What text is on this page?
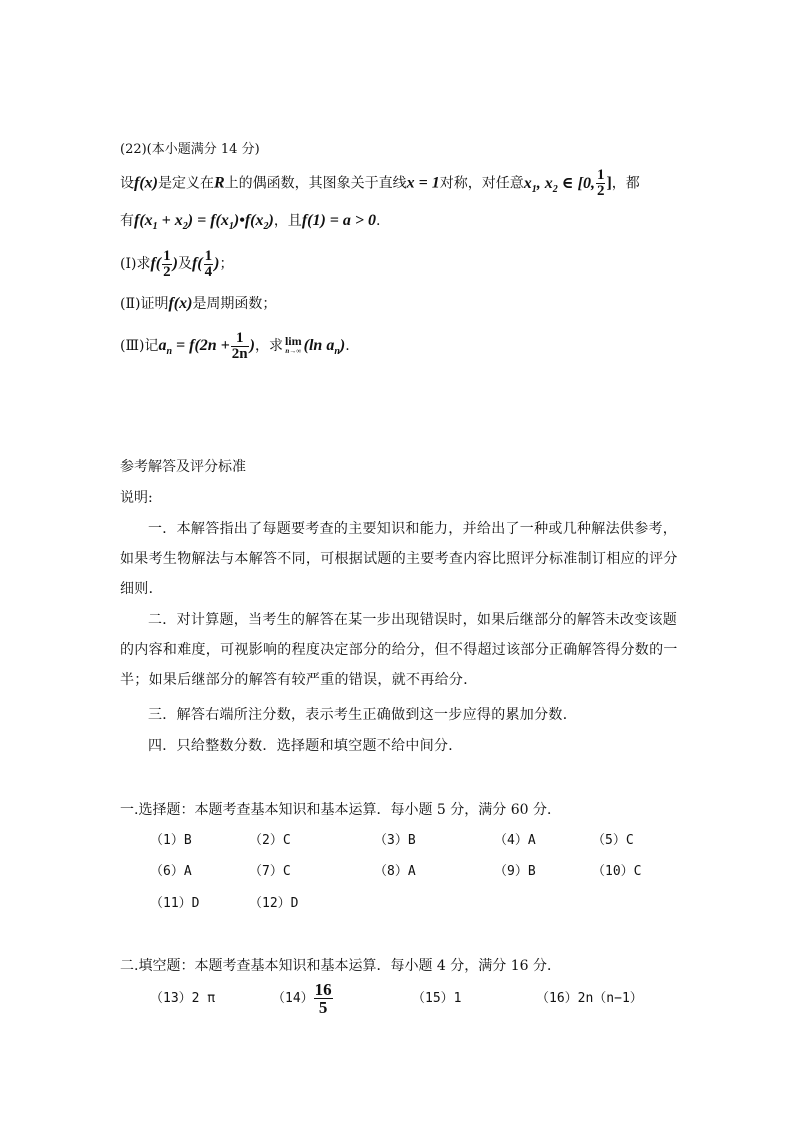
(22)(本小题满分 14 分)
设f(x)是定义在R上的偶函数，其图象关于直线x = 1对称，对任意$x_1$, $x_2$ ∈ [0, $\frac{1}{2}$ ]，都
有$f(x_1 + x_2)$ = $f(x_1)•f(x_2)$，且f(1) = a > 0.
(Ⅰ)求$f( \frac{1}{2}$ )及$f( \frac{1}{4}$ )；
(Ⅱ)证明f(x)是周期函数；
(Ⅲ)记$a_n = f(2n + \frac{1}{2n}$ )，求 lim
n→∞ (ln $a_n$).
参考解答及评分标准
说明:
一．本解答指出了每题要考查的主要知识和能力，并给出了一种或几种解法供参考，如果考生物解法与本解答不同，可根据试题的主要考查内容比照评分标准制订相应的评分细则．
二．对计算题，当考生的解答在某一步出现错误时，如果后继部分的解答未改变该题的内容和难度，可视影响的程度决定部分的给分，但不得超过该部分正确解答得分数的一半；如果后继部分的解答有较严重的错误，就不再给分．
三．解答右端所注分数，表示考生正确做到这一步应得的累加分数．
四．只给整数分数．选择题和填空题不给中间分．
一.选择题：本题考查基本知识和基本运算．每小题 5 分，满分 60 分．
（1）B	（2）C	（3）B	（4）A	（5）C
（6）A	（7）C	（8）A	（9）B	（10）C
（11）D	（12）D
二.填空题：本题考查基本知识和基本运算．每小题 4 分，满分 16 分．
（13）2 π	$(14) \frac{16}{5}$	（15）1	（16）2n（n−1）
